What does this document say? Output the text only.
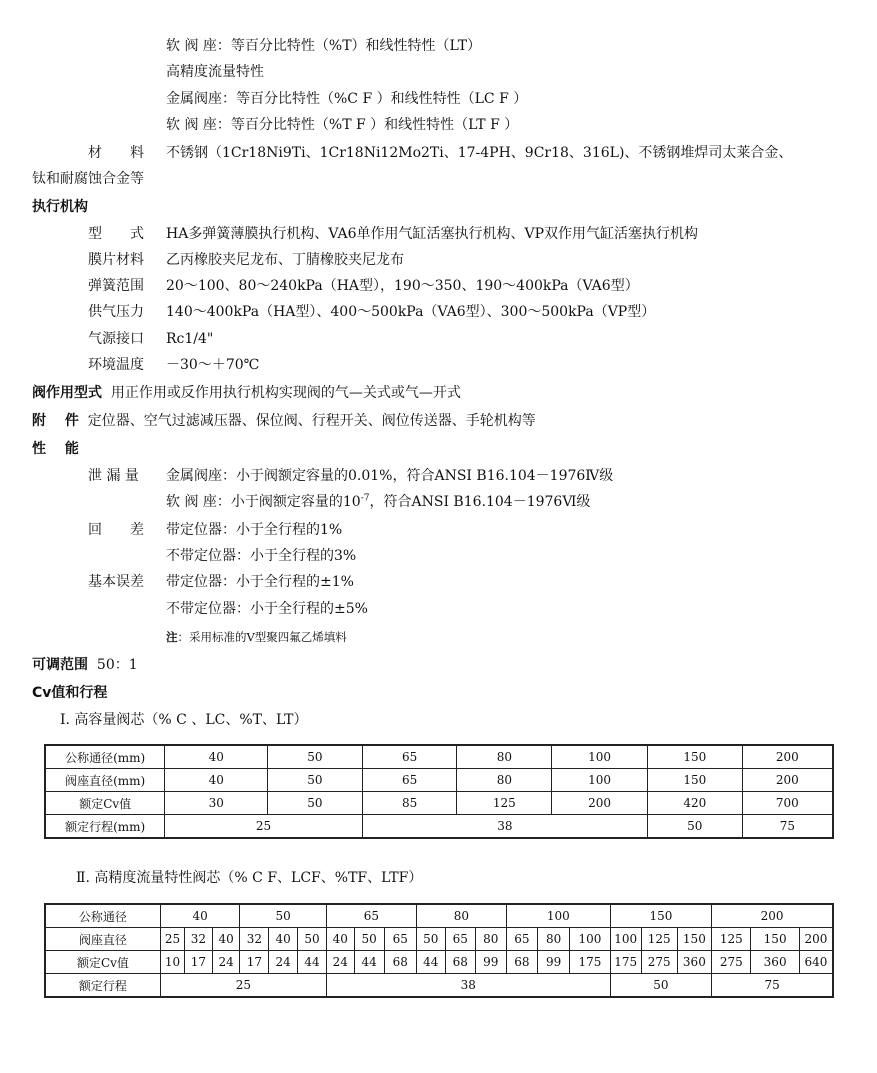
软 阀 座：等百分比特性（%T）和线性特性（LT）
高精度流量特性
金属阀座：等百分比特性（%C F ）和线性特性（LC F ）
软 阀 座：等百分比特性（%T F ）和线性特性（LT F ）
材　　料 不锈钢（1Cr18Ni9Ti、1Cr18Ni12Mo2Ti、17-4PH、9Cr18、316L)、不锈钢堆焊司太莱合金、
钛和耐腐蚀合金等
执行机构
型　　式 HA多弹簧薄膜执行机构、VA6单作用气缸活塞执行机构、VP双作用气缸活塞执行机构
膜片材料 乙丙橡胶夹尼龙布、丁腈橡胶夹尼龙布
弹簧范围 20～100、80～240kPa（HA型），190～350、190～400kPa（VA6型）
供气压力 140～400kPa（HA型）、400～500kPa（VA6型）、300～500kPa（VP型）
气源接口 Rc1/4"
环境温度 －30～＋70℃
阀作用型式 用正作用或反作用执行机构实现阀的气—关式或气—开式
附　 件 定位器、空气过滤减压器、保位阀、行程开关、阀位传送器、手轮机构等
性　 能
泄 漏 量 金属阀座：小于阀额定容量的0.01%，符合ANSI B16.104－1976Ⅳ级
软 阀 座：小于阀额定容量的$10^{-7}$，符合ANSI B16.104－1976Ⅵ级
回　　差 带定位器：小于全行程的1%
不带定位器：小于全行程的3%
基本误差 带定位器：小于全行程的±1%
不带定位器：小于全行程的±5%
注：采用标准的V型聚四氟乙烯填料
可调范围 50：1
Cv值和行程
Ⅰ. 高容量阀芯（% C 、LC、%T、LT）
公称通径(mm)	40	50	65	80	100	150	200
阀座直径(mm)	40	50	65	80	100	150	200
额定Cv值	30	50	85	125	200	420	700
额定行程(mm)	25		38			50	75
Ⅱ. 高精度流量特性阀芯（% C F、LCF、%TF、LTF）
公称通径	40			50			65			80			100			150			200		
阀座直径	25	32	40	32	40	50	40	50	65	50	65	80	65	80	100	100	125	150	125	150	200
额定Cv值	10	17	24	17	24	44	24	44	68	44	68	99	68	99	175	175	275	360	275	360	640
额定行程	25						38									50			75		
